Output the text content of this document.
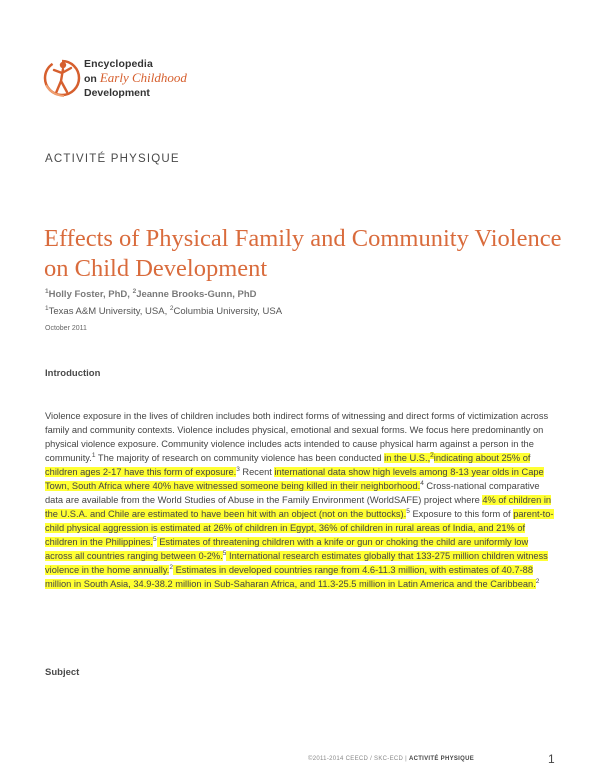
Encyclopedia
on Early Childhood
Development
ACTIVITÉ PHYSIQUE
Effects of Physical Family and Community Violence on Child Development
$^1$Holly Foster, PhD, $^2$Jeanne Brooks-Gunn, PhD
$^1$Texas A&M University, USA, $^2$Columbia University, USA
October 2011
Introduction

Violence exposure in the lives of children includes both indirect forms of witnessing and direct forms of victimization across family and community contexts. Violence includes physical, emotional and sexual forms. We focus here predominantly on physical violence exposure. Community violence includes acts intended to cause physical harm against a person in the community.$^1$ The majority of research on community violence has been conducted in the U.S.,$^2$indicating about 25% of children ages 2-17 have this form of exposure.$^3$ Recent international data show high levels among 8-13 year olds in Cape Town, South Africa where 40% have witnessed someone being killed in their neighborhood.$^4$ Cross-national comparative data are available from the World Studies of Abuse in the Family Environment (WorldSAFE) project where 4% of children in the U.S.A. and Chile are estimated to have been hit with an object (not on the buttocks).$^5$ Exposure to this form of parent-to-child physical aggression is estimated at 26% of children in Egypt, 36% of children in rural areas of India, and 21% of children in the Philippines.$^5$ Estimates of threatening children with a knife or gun or choking the child are uniformly low across all countries ranging between 0-2%.$^5$ International research estimates globally that 133-275 million children witness violence in the home annually.$^2$ Estimates in developed countries range from 4.6-11.3 million, with estimates of 40.7-88 million in South Asia, 34.9-38.2 million in Sub-Saharan Africa, and 11.3-25.5 million in Latin America and the Caribbean.$^2$

Subject
©2011-2014 CEECD / SKC-ECD | ACTIVITÉ PHYSIQUE	1
